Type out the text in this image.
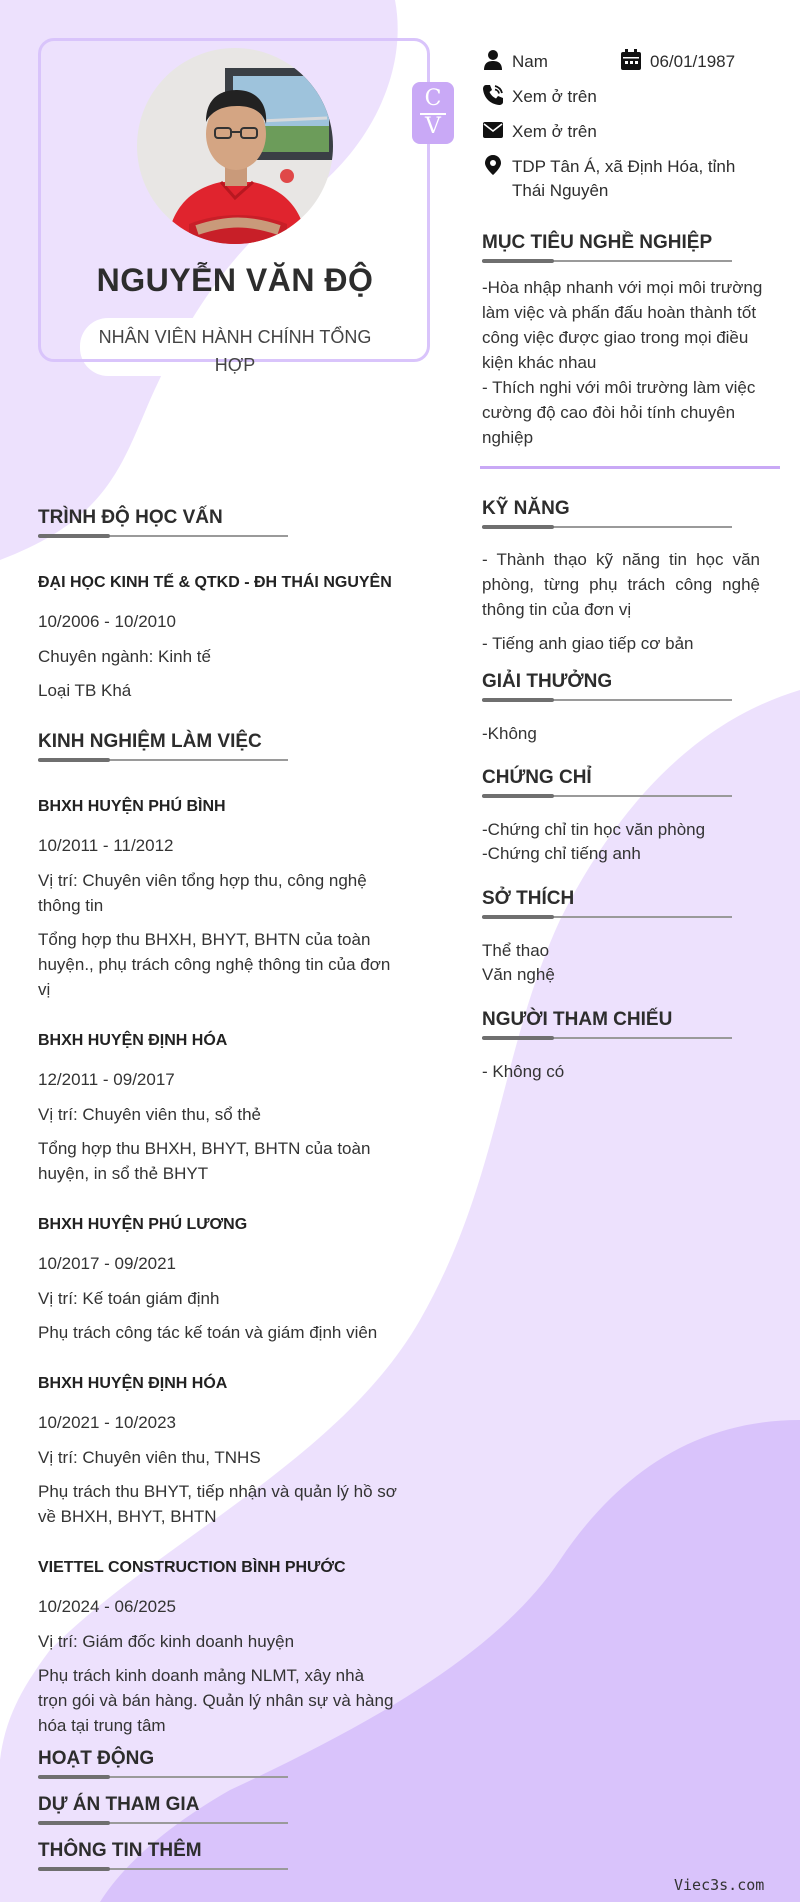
NGUYỄN VĂN ĐỘ
NHÂN VIÊN HÀNH CHÍNH TỔNG HỢP
C
V
Nam	06/01/1987
Xem ở trên
Xem ở trên
TDP Tân Á, xã Định Hóa, tỉnh Thái Nguyên
MỤC TIÊU NGHỀ NGHIỆP
-Hòa nhập nhanh với mọi môi trường làm việc và phấn đấu hoàn thành tốt công việc được giao trong mọi điều kiện khác nhau
- Thích nghi với môi trường làm việc cường độ cao đòi hỏi tính chuyên nghiệp
KỸ NĂNG
- Thành thạo kỹ năng tin học văn phòng, từng phụ trách công nghệ thông tin của đơn vị
- Tiếng anh giao tiếp cơ bản
GIẢI THƯỞNG
-Không
CHỨNG CHỈ
-Chứng chỉ tin học văn phòng
-Chứng chỉ tiếng anh
SỞ THÍCH
Thể thao
Văn nghệ
NGƯỜI THAM CHIẾU
- Không có
TRÌNH ĐỘ HỌC VẤN
ĐẠI HỌC KINH TẾ & QTKD - ĐH THÁI NGUYÊN
10/2006 - 10/2010
Chuyên ngành: Kinh tế
Loại TB Khá
KINH NGHIỆM LÀM VIỆC
BHXH HUYỆN PHÚ BÌNH
10/2011 - 11/2012
Vị trí: Chuyên viên tổng hợp thu, công nghệ thông tin
Tổng hợp thu BHXH, BHYT, BHTN của toàn huyện., phụ trách công nghệ thông tin của đơn vị
BHXH HUYỆN ĐỊNH HÓA
12/2011 - 09/2017
Vị trí: Chuyên viên thu, sổ thẻ
Tổng hợp thu BHXH, BHYT, BHTN của toàn huyện, in sổ thẻ BHYT
BHXH HUYỆN PHÚ LƯƠNG
10/2017 - 09/2021
Vị trí: Kế toán giám định
Phụ trách công tác kế toán và giám định viên
BHXH HUYỆN ĐỊNH HÓA
10/2021 - 10/2023
Vị trí: Chuyên viên thu, TNHS
Phụ trách thu BHYT, tiếp nhận và quản lý hồ sơ về BHXH, BHYT, BHTN
VIETTEL CONSTRUCTION BÌNH PHƯỚC
10/2024 - 06/2025
Vị trí: Giám đốc kinh doanh huyện
Phụ trách kinh doanh mảng NLMT, xây nhà trọn gói và bán hàng. Quản lý nhân sự và hàng hóa tại trung tâm
HOẠT ĐỘNG
DỰ ÁN THAM GIA
THÔNG TIN THÊM
Viec3s.com
